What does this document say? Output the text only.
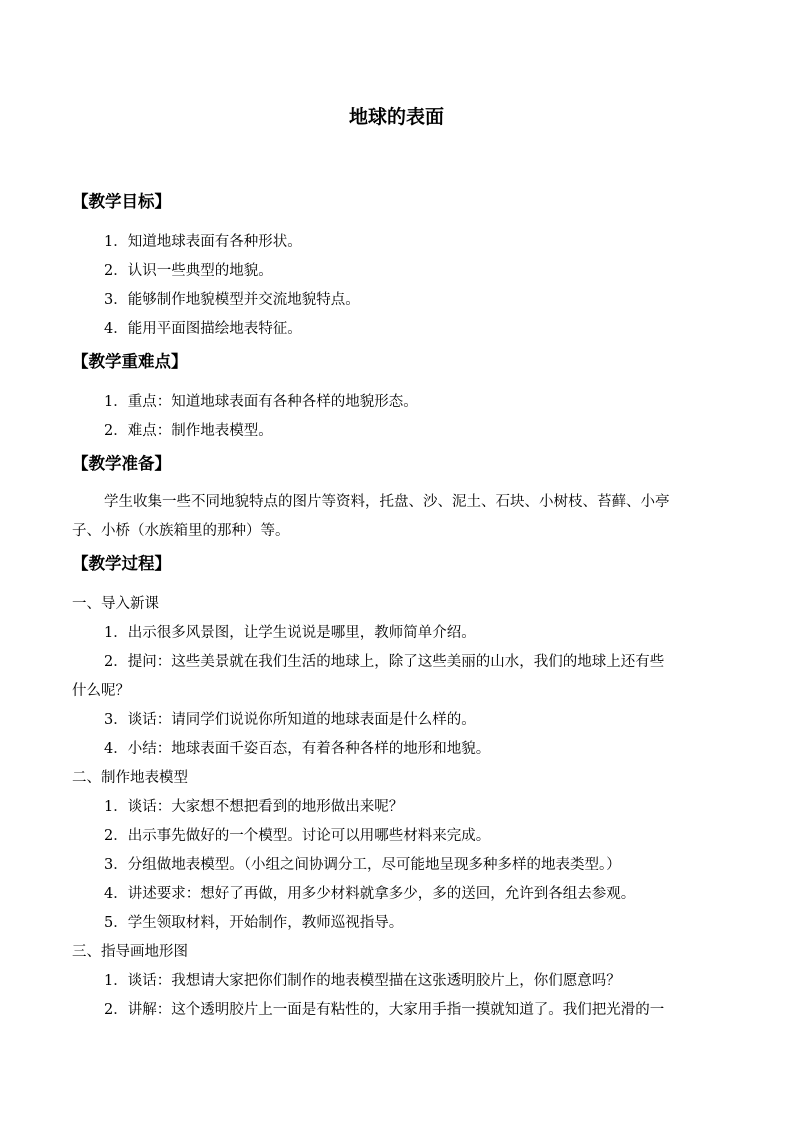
地球的表面
【教学目标】
1．知道地球表面有各种形状。
2．认识一些典型的地貌。
3．能够制作地貌模型并交流地貌特点。
4．能用平面图描绘地表特征。
【教学重难点】
1．重点：知道地球表面有各种各样的地貌形态。
2．难点：制作地表模型。
【教学准备】
学生收集一些不同地貌特点的图片等资料，托盘、沙、泥土、石块、小树枝、苔藓、小亭
子、小桥（水族箱里的那种）等。
【教学过程】
一、导入新课
1．出示很多风景图，让学生说说是哪里，教师简单介绍。
2．提问：这些美景就在我们生活的地球上，除了这些美丽的山水，我们的地球上还有些
什么呢？
3．谈话：请同学们说说你所知道的地球表面是什么样的。
4．小结：地球表面千姿百态，有着各种各样的地形和地貌。
二、制作地表模型
1．谈话：大家想不想把看到的地形做出来呢？
2．出示事先做好的一个模型。讨论可以用哪些材料来完成。
3．分组做地表模型。（小组之间协调分工，尽可能地呈现多种多样的地表类型。）
4．讲述要求：想好了再做，用多少材料就拿多少，多的送回，允许到各组去参观。
5．学生领取材料，开始制作，教师巡视指导。
三、指导画地形图
1．谈话：我想请大家把你们制作的地表模型描在这张透明胶片上，你们愿意吗？
2．讲解：这个透明胶片上一面是有粘性的，大家用手指一摸就知道了。我们把光滑的一
